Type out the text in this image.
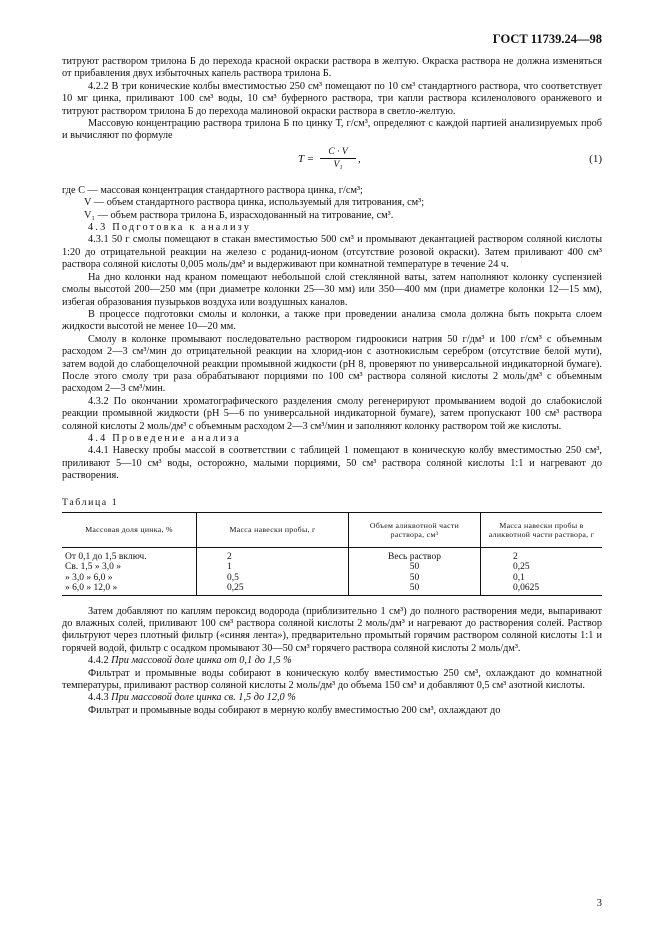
ГОСТ 11739.24—98

титруют раствором трилона Б до перехода красной окраски раствора в желтую. Окраска раствора не должна изменяться от прибавления двух избыточных капель раствора трилона Б.

4.2.2 В три конические колбы вместимостью 250 см³ помещают по 10 см³ стандартного раствора, что соответствует 10 мг цинка, приливают 100 см³ воды, 10 см³ буферного раствора, три капли раствора ксиленолового оранжевого и титруют раствором трилона Б до перехода малиновой окраски раствора в светло-желтую.

Массовую концентрацию раствора трилона Б по цинку Т, г/см³, определяют с каждой партией анализируемых проб и вычисляют по формуле

$T = \frac{C \cdot V}{\text{V₁}}$ ,	(1)
где С — массовая концентрация стандартного раствора цинка, г/см³;
V — объем стандартного раствора цинка, используемый для титрования, см³;
V₁ — объем раствора трилона Б, израсходованный на титрование, см³.

4.3 Подготовка к анализу

4.3.1 50 г смолы помещают в стакан вместимостью 500 см³ и промывают декантацией раствором соляной кислоты 1:20 до отрицательной реакции на железо с роданид-ионом (отсутствие розовой окраски). Затем приливают 400 см³ раствора соляной кислоты 0,005 моль/дм³ и выдерживают при комнатной температуре в течение 24 ч.

На дно колонки над краном помещают небольшой слой стеклянной ваты, затем наполняют колонку суспензией смолы высотой 200—250 мм (при диаметре колонки 25—30 мм) или 350—400 мм (при диаметре колонки 12—15 мм), избегая образования пузырьков воздуха или воздушных каналов.

В процессе подготовки смолы и колонки, а также при проведении анализа смола должна быть покрыта слоем жидкости высотой не менее 10—20 мм.

Смолу в колонке промывают последовательно раствором гидроокиси натрия 50 г/дм³ и 100 г/см³ с объемным расходом 2—3 см³/мин до отрицательной реакции на хлорид-ион с азотнокислым серебром (отсутствие белой мути), затем водой до слабощелочной реакции промывной жидкости (рН 8, проверяют по универсальной индикаторной бумаге). После этого смолу три раза обрабатывают порциями по 100 см³ раствора соляной кислоты 2 моль/дм³ с объемным расходом 2—3 см³/мин.

4.3.2 По окончании хроматографического разделения смолу регенерируют промыванием водой до слабокислой реакции промывной жидкости (рН 5—6 по универсальной индикаторной бумаге), затем пропускают 100 см³ раствора соляной кислоты 2 моль/дм³ с объемным расходом 2—3 см³/мин и заполняют колонку раствором той же кислоты.

4.4 Проведение анализа

4.4.1 Навеску пробы массой в соответствии с таблицей 1 помещают в коническую колбу вместимостью 250 см³, приливают 5—10 см³ воды, осторожно, малыми порциями, 50 см³ раствора соляной кислоты 1:1 и нагревают до растворения.

Таблица 1
Массовая доля цинка, %	Масса навески пробы, г	Объем аликвотной части раствора, см³	Масса навески пробы в аликвотной части раствора, г
От 0,1 до 1,5 включ.	2	Весь раствор	2
Св. 1,5 » 3,0 »	1	50	0,25
» 3,0 » 6,0 »	0,5	50	0,1
» 6,0 » 12,0 »	0,25	50	0,0625

Затем добавляют по каплям пероксид водорода (приблизительно 1 см³) до полного растворения меди, выпаривают до влажных солей, приливают 100 см³ раствора соляной кислоты 2 моль/дм³ и нагревают до растворения солей. Раствор фильтруют через плотный фильтр («синяя лента»), предварительно промытый горячим раствором соляной кислоты 1:1 и горячей водой, фильтр с осадком промывают 30—50 см³ горячего раствора соляной кислоты 2 моль/дм³.

4.4.2 При массовой доле цинка от 0,1 до 1,5 %

Фильтрат и промывные воды собирают в коническую колбу вместимостью 250 см³, охлаждают до комнатной температуры, приливают раствор соляной кислоты 2 моль/дм³ до объема 150 см³ и добавляют 0,5 см³ азотной кислоты.

4.4.3 При массовой доле цинка св. 1,5 до 12,0 %

Фильтрат и промывные воды собирают в мерную колбу вместимостью 200 см³, охлаждают до

3
